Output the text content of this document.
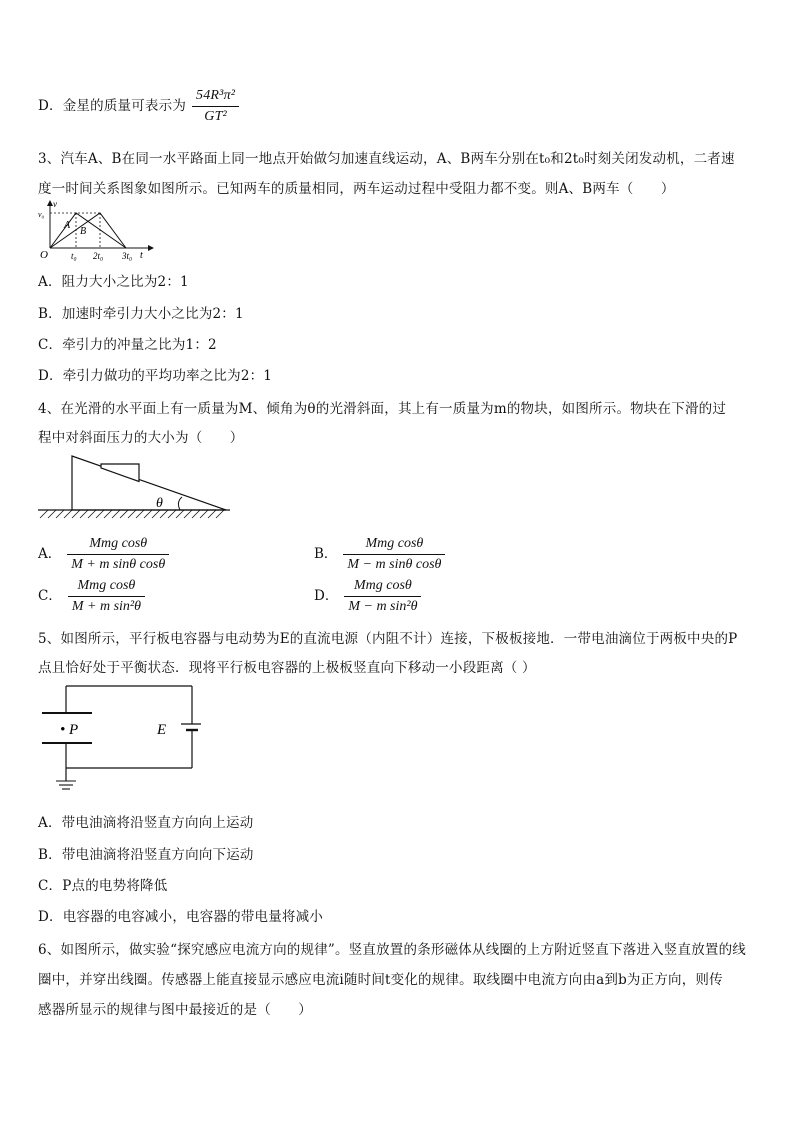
D．金星的质量可表示为 $\frac{\text{54R³π²}}{\text{GT²}}$
3、汽车A、B在同一水平路面上同一地点开始做匀加速直线运动，A、B两车分别在t₀和2t₀时刻关闭发动机，二者速
度一时间关系图象如图所示。已知两车的质量相同，两车运动过程中受阻力都不变。则A、B两车（　　）
v
v₀
O
A
B
t₀ 2t₀ 3t₀ t
A．阻力大小之比为2：1
B．加速时牵引力大小之比为2：1
C．牵引力的冲量之比为1：2
D．牵引力做功的平均功率之比为2：1
4、在光滑的水平面上有一质量为M、倾角为θ的光滑斜面，其上有一质量为m的物块，如图所示。物块在下滑的过
程中对斜面压力的大小为（　　）
θ
A． $\frac{\text{Mmg cosθ}}{\text{M + m sinθ cosθ}}$	B． $\frac{\text{Mmg cosθ}}{\text{M − m sinθ cosθ}}$
C． $\frac{\text{Mmg cosθ}}{\text{M + m sin²θ}}$	D． $\frac{\text{Mmg cosθ}}{\text{M − m sin²θ}}$
5、如图所示，平行板电容器与电动势为E的直流电源（内阻不计）连接，下极板接地．一带电油滴位于两板中央的P
点且恰好处于平衡状态．现将平行板电容器的上极板竖直向下移动一小段距离（ ）
• P	E
A．带电油滴将沿竖直方向向上运动
B．带电油滴将沿竖直方向向下运动
C．P点的电势将降低
D．电容器的电容减小，电容器的带电量将减小
6、如图所示，做实验“探究感应电流方向的规律”。竖直放置的条形磁体从线圈的上方附近竖直下落进入竖直放置的线
圈中，并穿出线圈。传感器上能直接显示感应电流i随时间t变化的规律。取线圈中电流方向由a到b为正方向，则传
感器所显示的规律与图中最接近的是（　　）
